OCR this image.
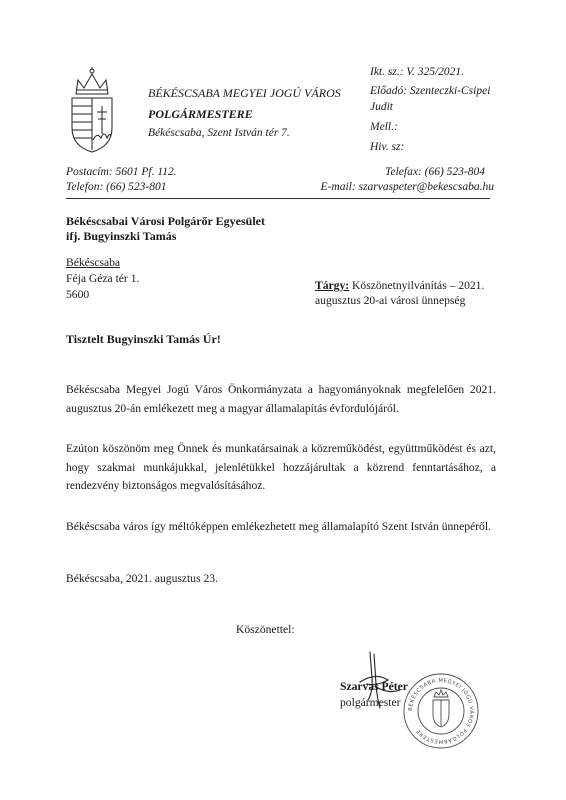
BÉKÉSCSABA MEGYEI JOGÚ VÁROS
POLGÁRMESTERE
Békéscsaba, Szent István tér 7.
Ikt. sz.: V. 325/2021.
Előadó: Szenteczki-Csipei
Judit
Mell.:
Hiv. sz:
Postacím: 5601 Pf. 112.
Telefon: (66) 523-801
Telefax: (66) 523-804
E-mail: szarvaspeter@bekescsaba.hu
Békéscsabai Városi Polgárőr Egyesület
ifj. Bugyinszki Tamás
Békéscsaba
Féja Géza tér 1.
5600
Tárgy: Köszönetnyilvánítás – 2021.
augusztus 20-ai városi ünnepség
Tisztelt Bugyinszki Tamás Úr!
Békéscsaba Megyei Jogú Város Önkormányzata a hagyományoknak megfelelően 2021. augusztus 20-án emlékezett meg a magyar államalapítás évfordulójáról.
Ezúton köszönöm meg Önnek és munkatársainak a közreműködést, együttműködést és azt, hogy szakmai munkájukkal, jelenlétükkel hozzájárultak a közrend fenntartásához, a rendezvény biztonságos megvalósításához.
Békéscsaba város így méltóképpen emlékezhetett meg államalapító Szent István ünnepéről.
Békéscsaba, 2021. augusztus 23.
Köszönettel:
BÉKÉSCSABA MEGYEI JOGÚ VÁROS POLGÁRMESTERE
Szarvas Péter
polgármester
